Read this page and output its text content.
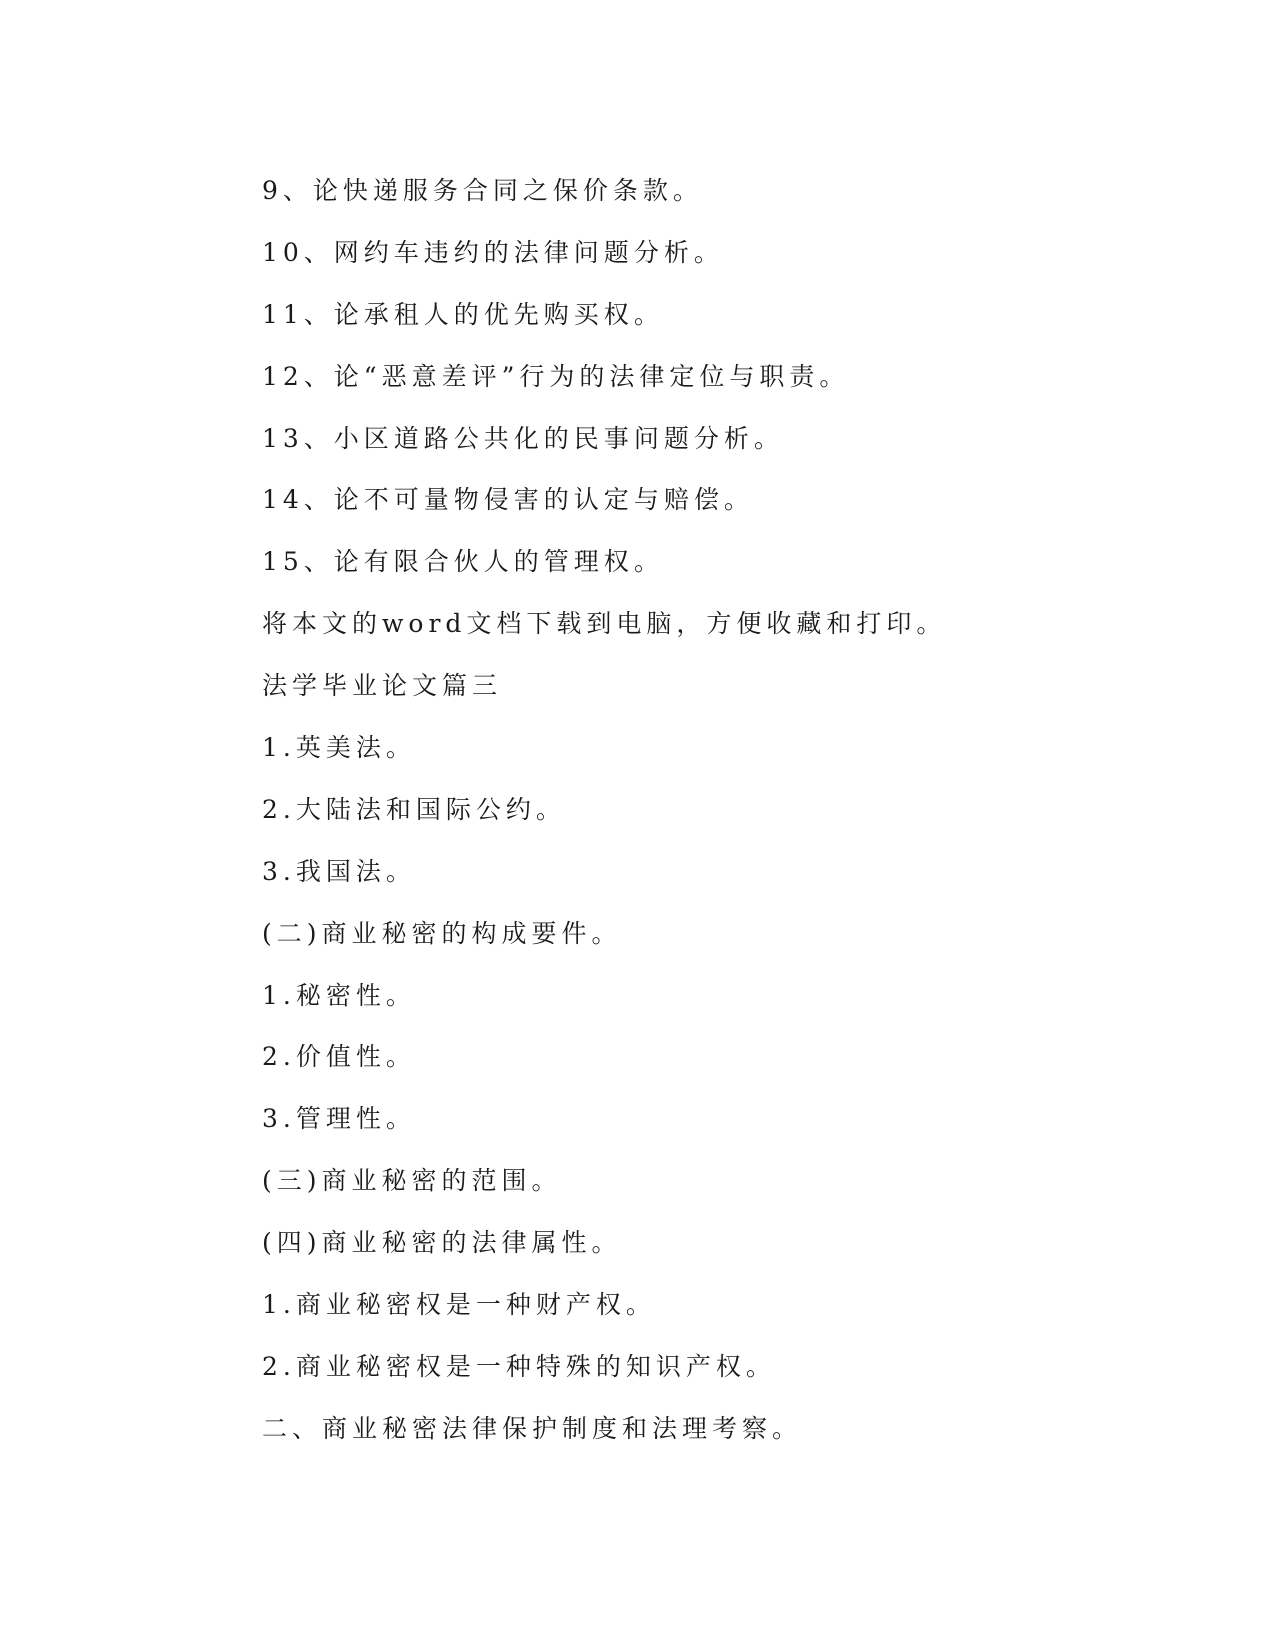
9、论快递服务合同之保价条款。

10、网约车违约的法律问题分析。

11、论承租人的优先购买权。

12、论“恶意差评”行为的法律定位与职责。

13、小区道路公共化的民事问题分析。

14、论不可量物侵害的认定与赔偿。

15、论有限合伙人的管理权。

将本文的word文档下载到电脑，方便收藏和打印。

法学毕业论文篇三

1.英美法。

2.大陆法和国际公约。

3.我国法。

(二)商业秘密的构成要件。

1.秘密性。

2.价值性。

3.管理性。

(三)商业秘密的范围。

(四)商业秘密的法律属性。

1.商业秘密权是一种财产权。

2.商业秘密权是一种特殊的知识产权。

二、商业秘密法律保护制度和法理考察。
